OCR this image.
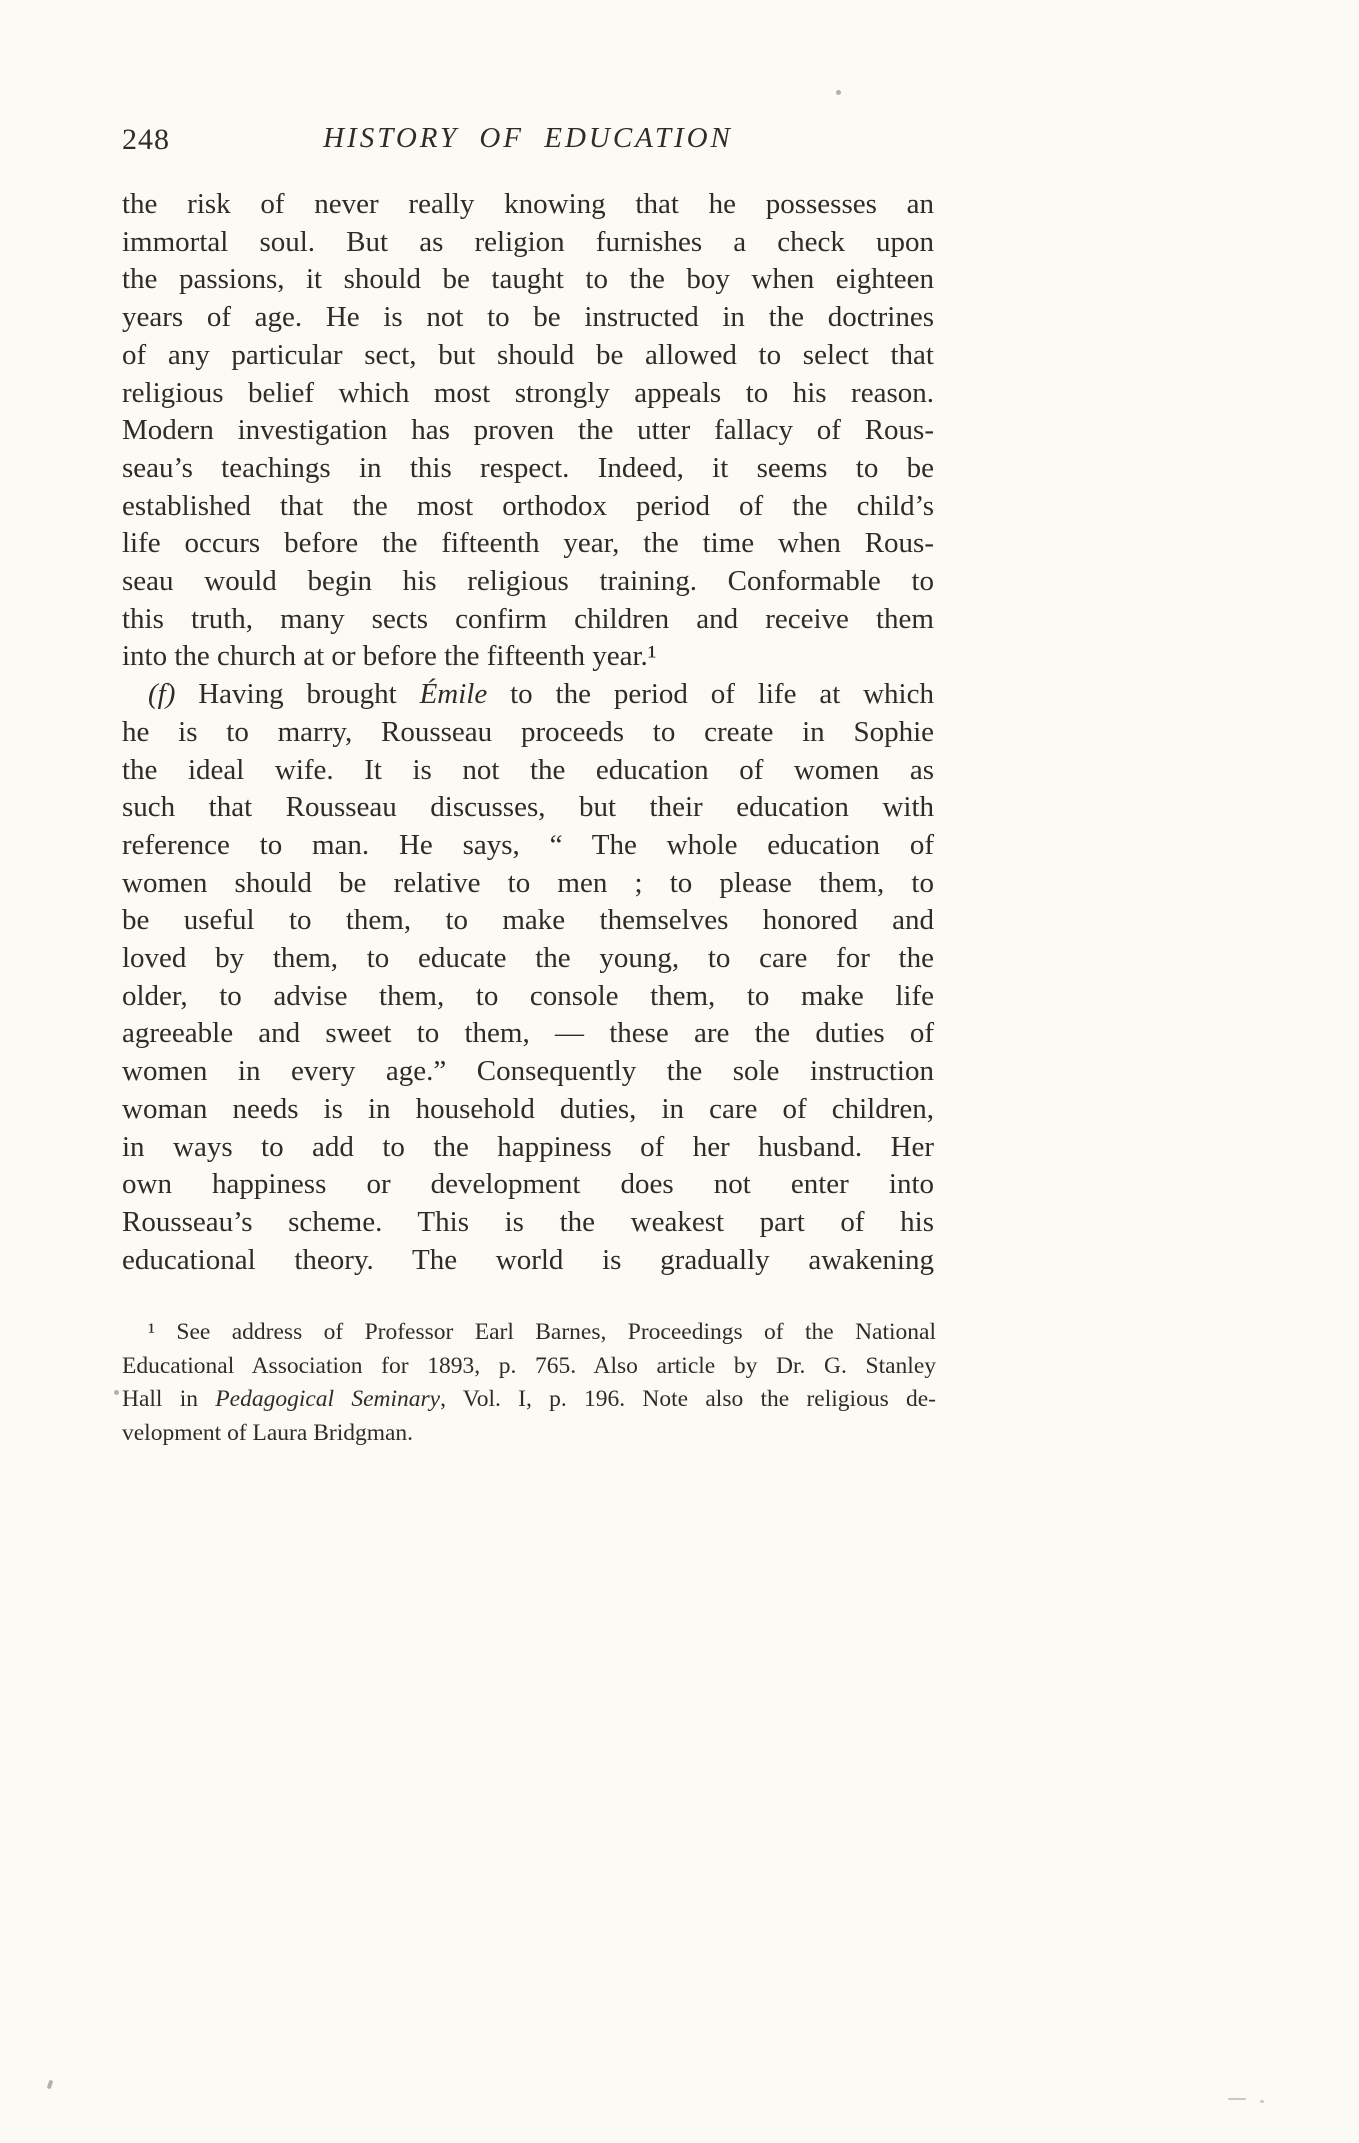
248	HISTORY OF EDUCATION
the risk of never really knowing that he possesses an
immortal soul. But as religion furnishes a check upon
the passions, it should be taught to the boy when eighteen
years of age. He is not to be instructed in the doctrines
of any particular sect, but should be allowed to select that
religious belief which most strongly appeals to his reason.
Modern investigation has proven the utter fallacy of Rous-
seau’s teachings in this respect. Indeed, it seems to be
established that the most orthodox period of the child’s
life occurs before the fifteenth year, the time when Rous-
seau would begin his religious training. Conformable to
this truth, many sects confirm children and receive them
into the church at or before the fifteenth year.¹
(f) Having brought Émile to the period of life at which
he is to marry, Rousseau proceeds to create in Sophie
the ideal wife. It is not the education of women as
such that Rousseau discusses, but their education with
reference to man. He says, “ The whole education of
women should be relative to men ; to please them, to
be useful to them, to make themselves honored and
loved by them, to educate the young, to care for the
older, to advise them, to console them, to make life
agreeable and sweet to them, — these are the duties of
women in every age.” Consequently the sole instruction
woman needs is in household duties, in care of children,
in ways to add to the happiness of her husband. Her
own happiness or development does not enter into
Rousseau’s scheme. This is the weakest part of his
educational theory. The world is gradually awakening
¹ See address of Professor Earl Barnes, Proceedings of the National
Educational Association for 1893, p. 765. Also article by Dr. G. Stanley
Hall in Pedagogical Seminary, Vol. I, p. 196. Note also the religious de-
velopment of Laura Bridgman.
